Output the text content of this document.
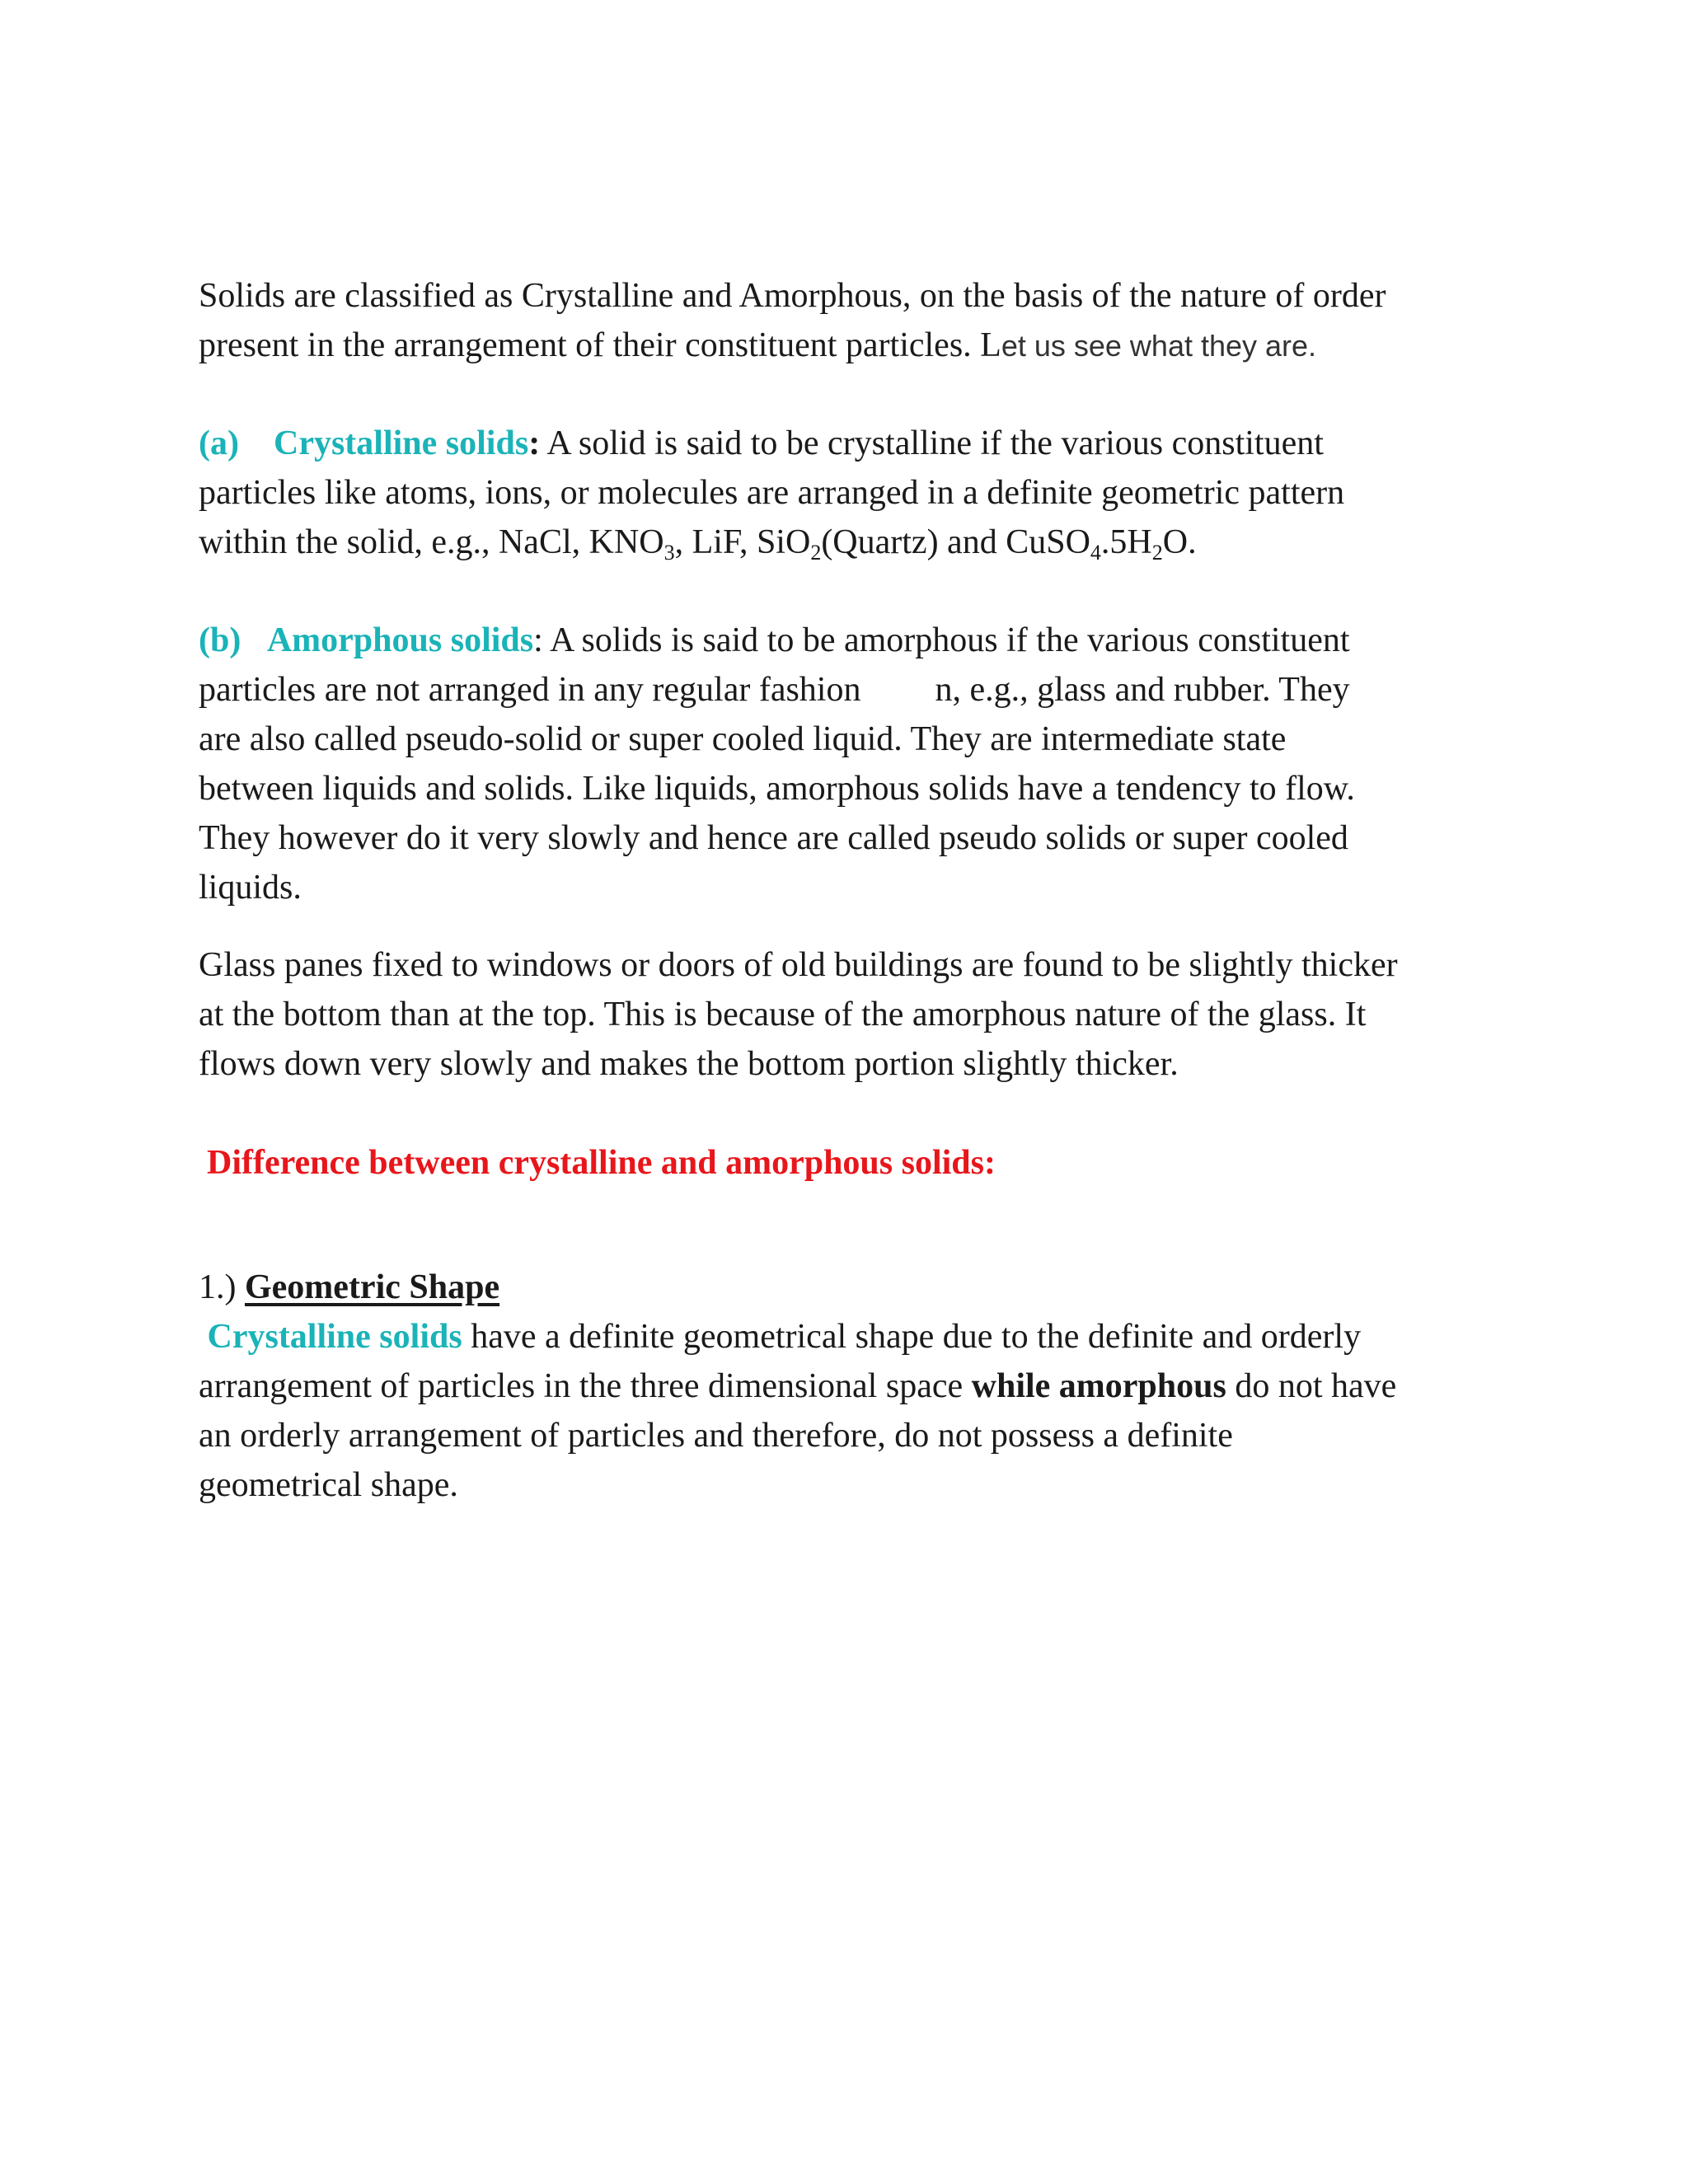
Solids are classified as Crystalline and Amorphous, on the basis of the nature of order
present in the arrangement of their constituent particles. Let us see what they are.

(a) Crystalline solids: A solid is said to be crystalline if the various constituent
particles like atoms, ions, or molecules are arranged in a definite geometric pattern
within the solid, e.g., NaCl, $KNO_3$, LiF, SiO$_2$(Quartz) and $CuSO_4.5H_2O$.

(b) Amorphous solids: A solids is said to be amorphous if the various constituent
particles are not arranged in any regular fashion n, e.g., glass and rubber. They
are also called pseudo-solid or super cooled liquid. They are intermediate state
between liquids and solids. Like liquids, amorphous solids have a tendency to flow.
They however do it very slowly and hence are called pseudo solids or super cooled
liquids.

Glass panes fixed to windows or doors of old buildings are found to be slightly thicker
at the bottom than at the top. This is because of the amorphous nature of the glass. It
flows down very slowly and makes the bottom portion slightly thicker.

Difference between crystalline and amorphous solids:

1.) Geometric Shape
Crystalline solids have a definite geometrical shape due to the definite and orderly
arrangement of particles in the three dimensional space while amorphous do not have
an orderly arrangement of particles and therefore, do not possess a definite
geometrical shape.
